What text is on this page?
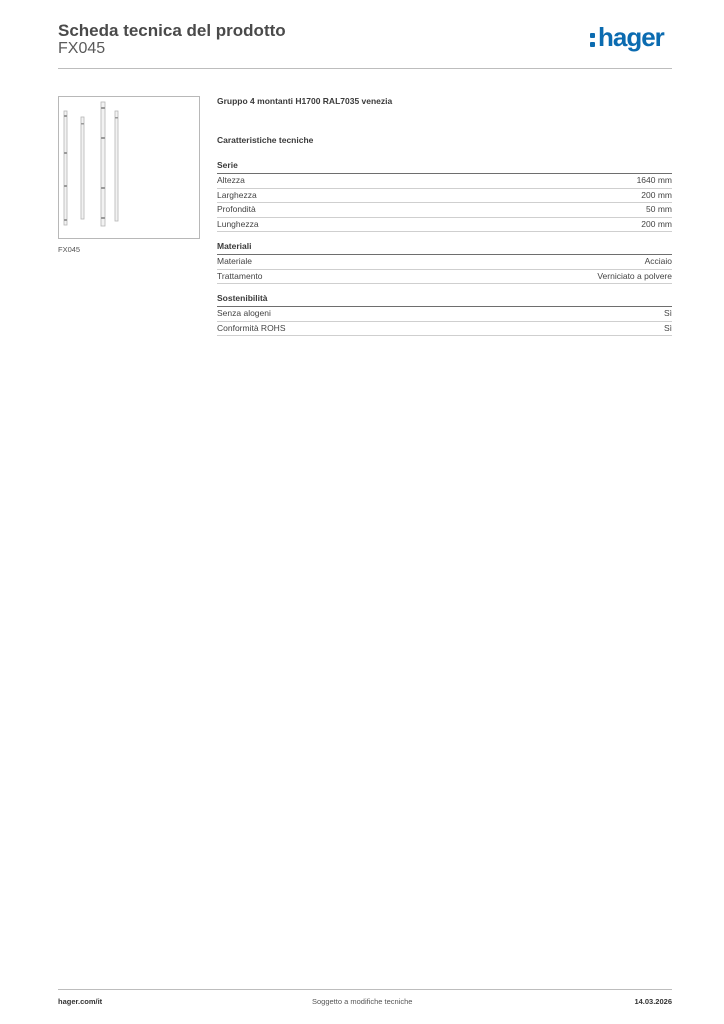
Scheda tecnica del prodotto
FX045	hager
FX045
Gruppo 4 montanti H1700 RAL7035 venezia
Caratteristiche tecniche
Serie
Altezza	1640 mm
Larghezza	200 mm
Profondità	50 mm
Lunghezza	200 mm
Materiali
Materiale	Acciaio
Trattamento	Verniciato a polvere
Sostenibilità
Senza alogeni	Sì
Conformità ROHS	Sì
hager.com/it	Soggetto a modifiche tecniche	14.03.2026
